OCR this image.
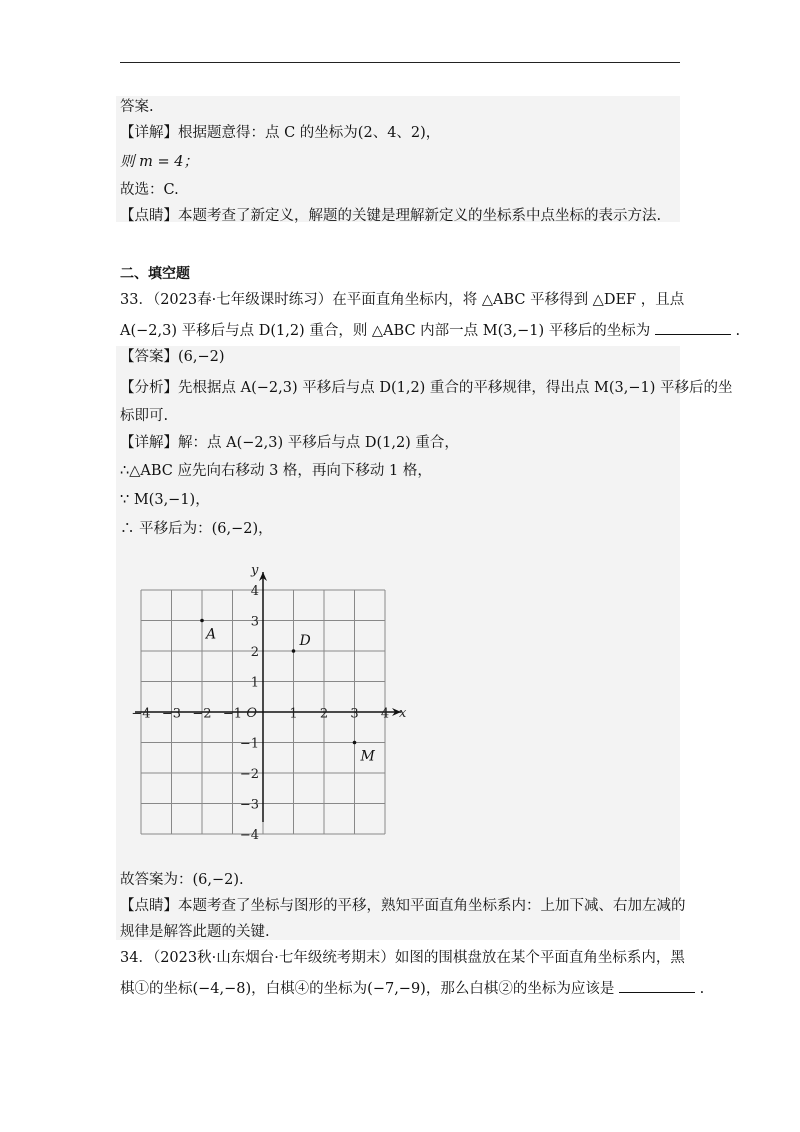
答案.
【详解】根据题意得：点 C 的坐标为(2、4、2)，
则 m = 4；
故选：C.
【点睛】本题考查了新定义，解题的关键是理解新定义的坐标系中点坐标的表示方法.
二、填空题
33．（2023春·七年级课时练习）在平面直角坐标内，将 △ABC 平移得到 △DEF ，且点
A(−2,3) 平移后与点 D(1,2) 重合，则 △ABC 内部一点 M(3,−1) 平移后的坐标为	.
【答案】(6,−2)
【分析】先根据点 A(−2,3) 平移后与点 D(1,2) 重合的平移规律，得出点 M(3,−1) 平移后的坐
标即可.
【详解】解：点 A(−2,3) 平移后与点 D(1,2) 重合，
∴△ABC 应先向右移动 3 格，再向下移动 1 格，
∵ M(3,−1)，
∴ 平移后为：(6,−2)，
−4 −3 −2 −1	1 2 3 4
4
3
2
1
−1
−2
−3
−4
O	x
y
A	D
M
故答案为：(6,−2).
【点睛】本题考查了坐标与图形的平移，熟知平面直角坐标系内：上加下减、右加左减的
规律是解答此题的关键.
34．（2023秋·山东烟台·七年级统考期末）如图的围棋盘放在某个平面直角坐标系内，黑
棋①的坐标(−4,−8)，白棋④的坐标为(−7,−9)，那么白棋②的坐标为应该是	.
